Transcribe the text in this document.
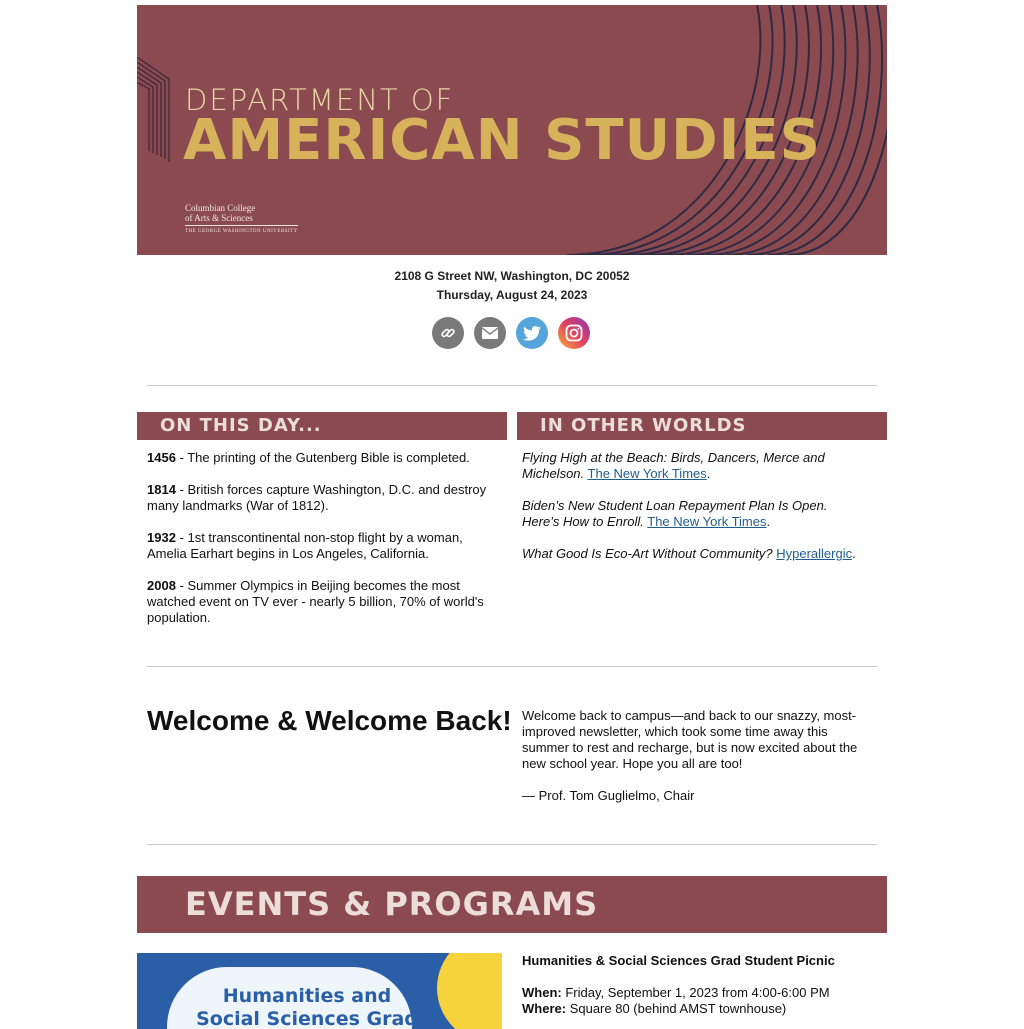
DEPARTMENT OF
AMERICAN STUDIES
Columbian College
of Arts & Sciences
THE GEORGE WASHINGTON UNIVERSITY
2108 G Street NW, Washington, DC 20052
Thursday, August 24, 2023
ON THIS DAY...

1456 - The printing of the Gutenberg Bible is completed.

1814 - British forces capture Washington, D.C. and destroy many landmarks (War of 1812).

1932 - 1st transcontinental non-stop flight by a woman, Amelia Earhart begins in Los Angeles, California.

2008 - Summer Olympics in Beijing becomes the most watched event on TV ever - nearly 5 billion, 70% of world's population.

IN OTHER WORLDS

Flying High at the Beach: Birds, Dancers, Merce and Michelson. The New York Times.

Biden’s New Student Loan Repayment Plan Is Open. Here’s How to Enroll. The New York Times.

What Good Is Eco-Art Without Community? Hyperallergic.

Welcome & Welcome Back! Welcome back to campus—and back to our snazzy, most-improved newsletter, which took some time away this summer to rest and recharge, but is now excited about the new school year. Hope you all are too!

— Prof. Tom Guglielmo, Chair

EVENTS & PROGRAMS
Humanities and
Social Sciences Grad

Humanities & Social Sciences Grad Student Picnic

When: Friday, September 1, 2023 from 4:00-6:00 PM
Where: Square 80 (behind AMST townhouse)
